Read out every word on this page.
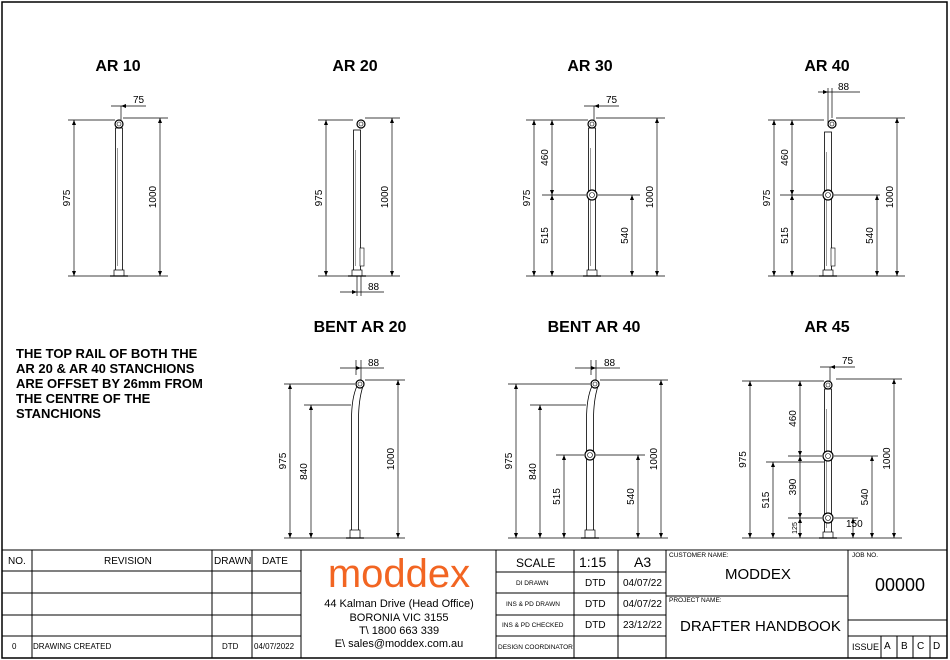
75
975	1000	975	1000
88
75
975
460
515	540
1000
88
975
460
515	540
1000
88
975
840
1000
88
975
840
515	540
1000
75
975
515
460
390
125	150
540
1000
AR 10	AR 20	AR 30	AR 40
BENT AR 20	BENT AR 40	AR 45
THE TOP RAIL OF BOTH THE
AR 20 & AR 40 STANCHIONS
ARE OFFSET BY 26mm FROM
THE CENTRE OF THE
STANCHIONS
NO.	REVISION	DRAWN DATE
0 DRAWING CREATED	DTD 04/07/2022
moddex
44 Kalman Drive (Head Office)
BORONIA VIC 3155
T\ 1800 663 339
E\ sales@moddex.com.au
SCALE 1:15 A3
DI DRAWN	DTD 04/07/22
INS & PD DRAWN	DTD 04/07/22
INS & PD CHECKED DTD 23/12/22
DESIGN COORDINATOR
CUSTOMER NAME:
MODDEX
PROJECT NAME:
DRAFTER HANDBOOK
JOB NO.
00000
ISSUE A B C D
